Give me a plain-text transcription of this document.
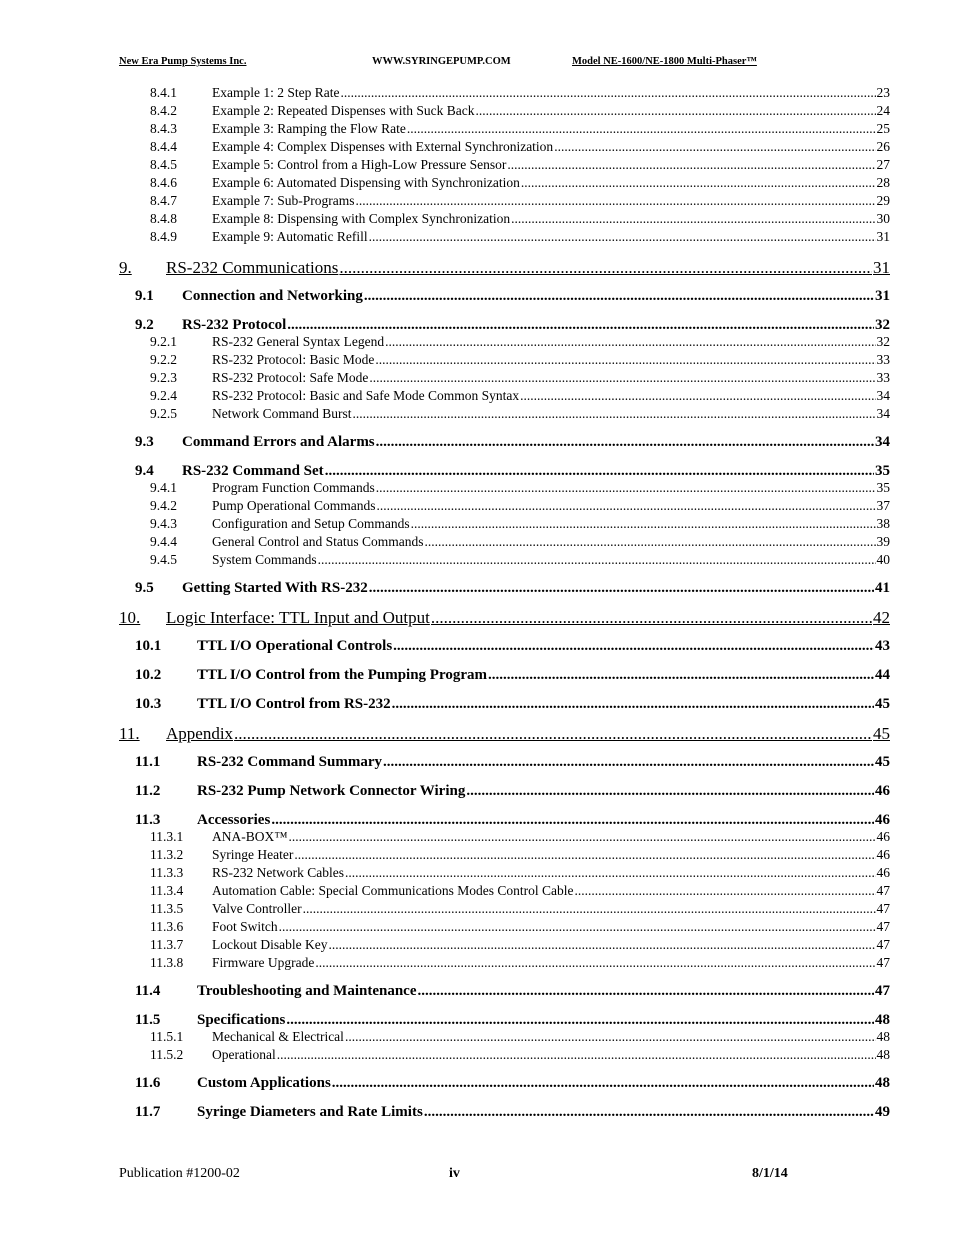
New Era Pump Systems Inc.	WWW.SYRINGEPUMP.COM	Model NE-1600/NE-1800 Multi-Phaser™
8.4.1	Example 1: 2 Step Rate .....	23
8.4.2	Example 2: Repeated Dispenses with Suck Back .....	24
8.4.3	Example 3: Ramping the Flow Rate .....	25
8.4.4	Example 4: Complex Dispenses with External Synchronization .....	26
8.4.5	Example 5: Control from a High-Low Pressure Sensor .....	27
8.4.6	Example 6: Automated Dispensing with Synchronization .....	28
8.4.7	Example 7: Sub-Programs .....	29
8.4.8	Example 8: Dispensing with Complex Synchronization .....	30
8.4.9	Example 9: Automatic Refill .....	31
9.	RS-232 Communications .....	31
9.1	Connection and Networking .....	31
9.2	RS-232 Protocol .....	32
9.2.1	RS-232 General Syntax Legend .....	32
9.2.2	RS-232 Protocol: Basic Mode .....	33
9.2.3	RS-232 Protocol: Safe Mode .....	33
9.2.4	RS-232 Protocol: Basic and Safe Mode Common Syntax .....	34
9.2.5	Network Command Burst .....	34
9.3	Command Errors and Alarms .....	34
9.4	RS-232 Command Set .....	35
9.4.1	Program Function Commands .....	35
9.4.2	Pump Operational Commands .....	37
9.4.3	Configuration and Setup Commands .....	38
9.4.4	General Control and Status Commands .....	39
9.4.5	System Commands .....	40
9.5	Getting Started With RS-232 .....	41
10.	Logic Interface: TTL Input and Output .....	42
10.1	TTL I/O Operational Controls .....	43
10.2	TTL I/O Control from the Pumping Program .....	44
10.3	TTL I/O Control from RS-232 .....	45
11.	Appendix .....	45
11.1	RS-232 Command Summary .....	45
11.2	RS-232 Pump Network Connector Wiring .....	46
11.3	Accessories .....	46
11.3.1	ANA-BOX™ .....	46
11.3.2	Syringe Heater .....	46
11.3.3	RS-232 Network Cables .....	46
11.3.4	Automation Cable: Special Communications Modes Control Cable .....	47
11.3.5	Valve Controller .....	47
11.3.6	Foot Switch .....	47
11.3.7	Lockout Disable Key .....	47
11.3.8	Firmware Upgrade .....	47
11.4	Troubleshooting and Maintenance .....	47
11.5	Specifications .....	48
11.5.1	Mechanical & Electrical .....	48
11.5.2	Operational .....	48
11.6	Custom Applications .....	48
11.7	Syringe Diameters and Rate Limits .....	49
Publication #1200-02	iv	8/1/14
